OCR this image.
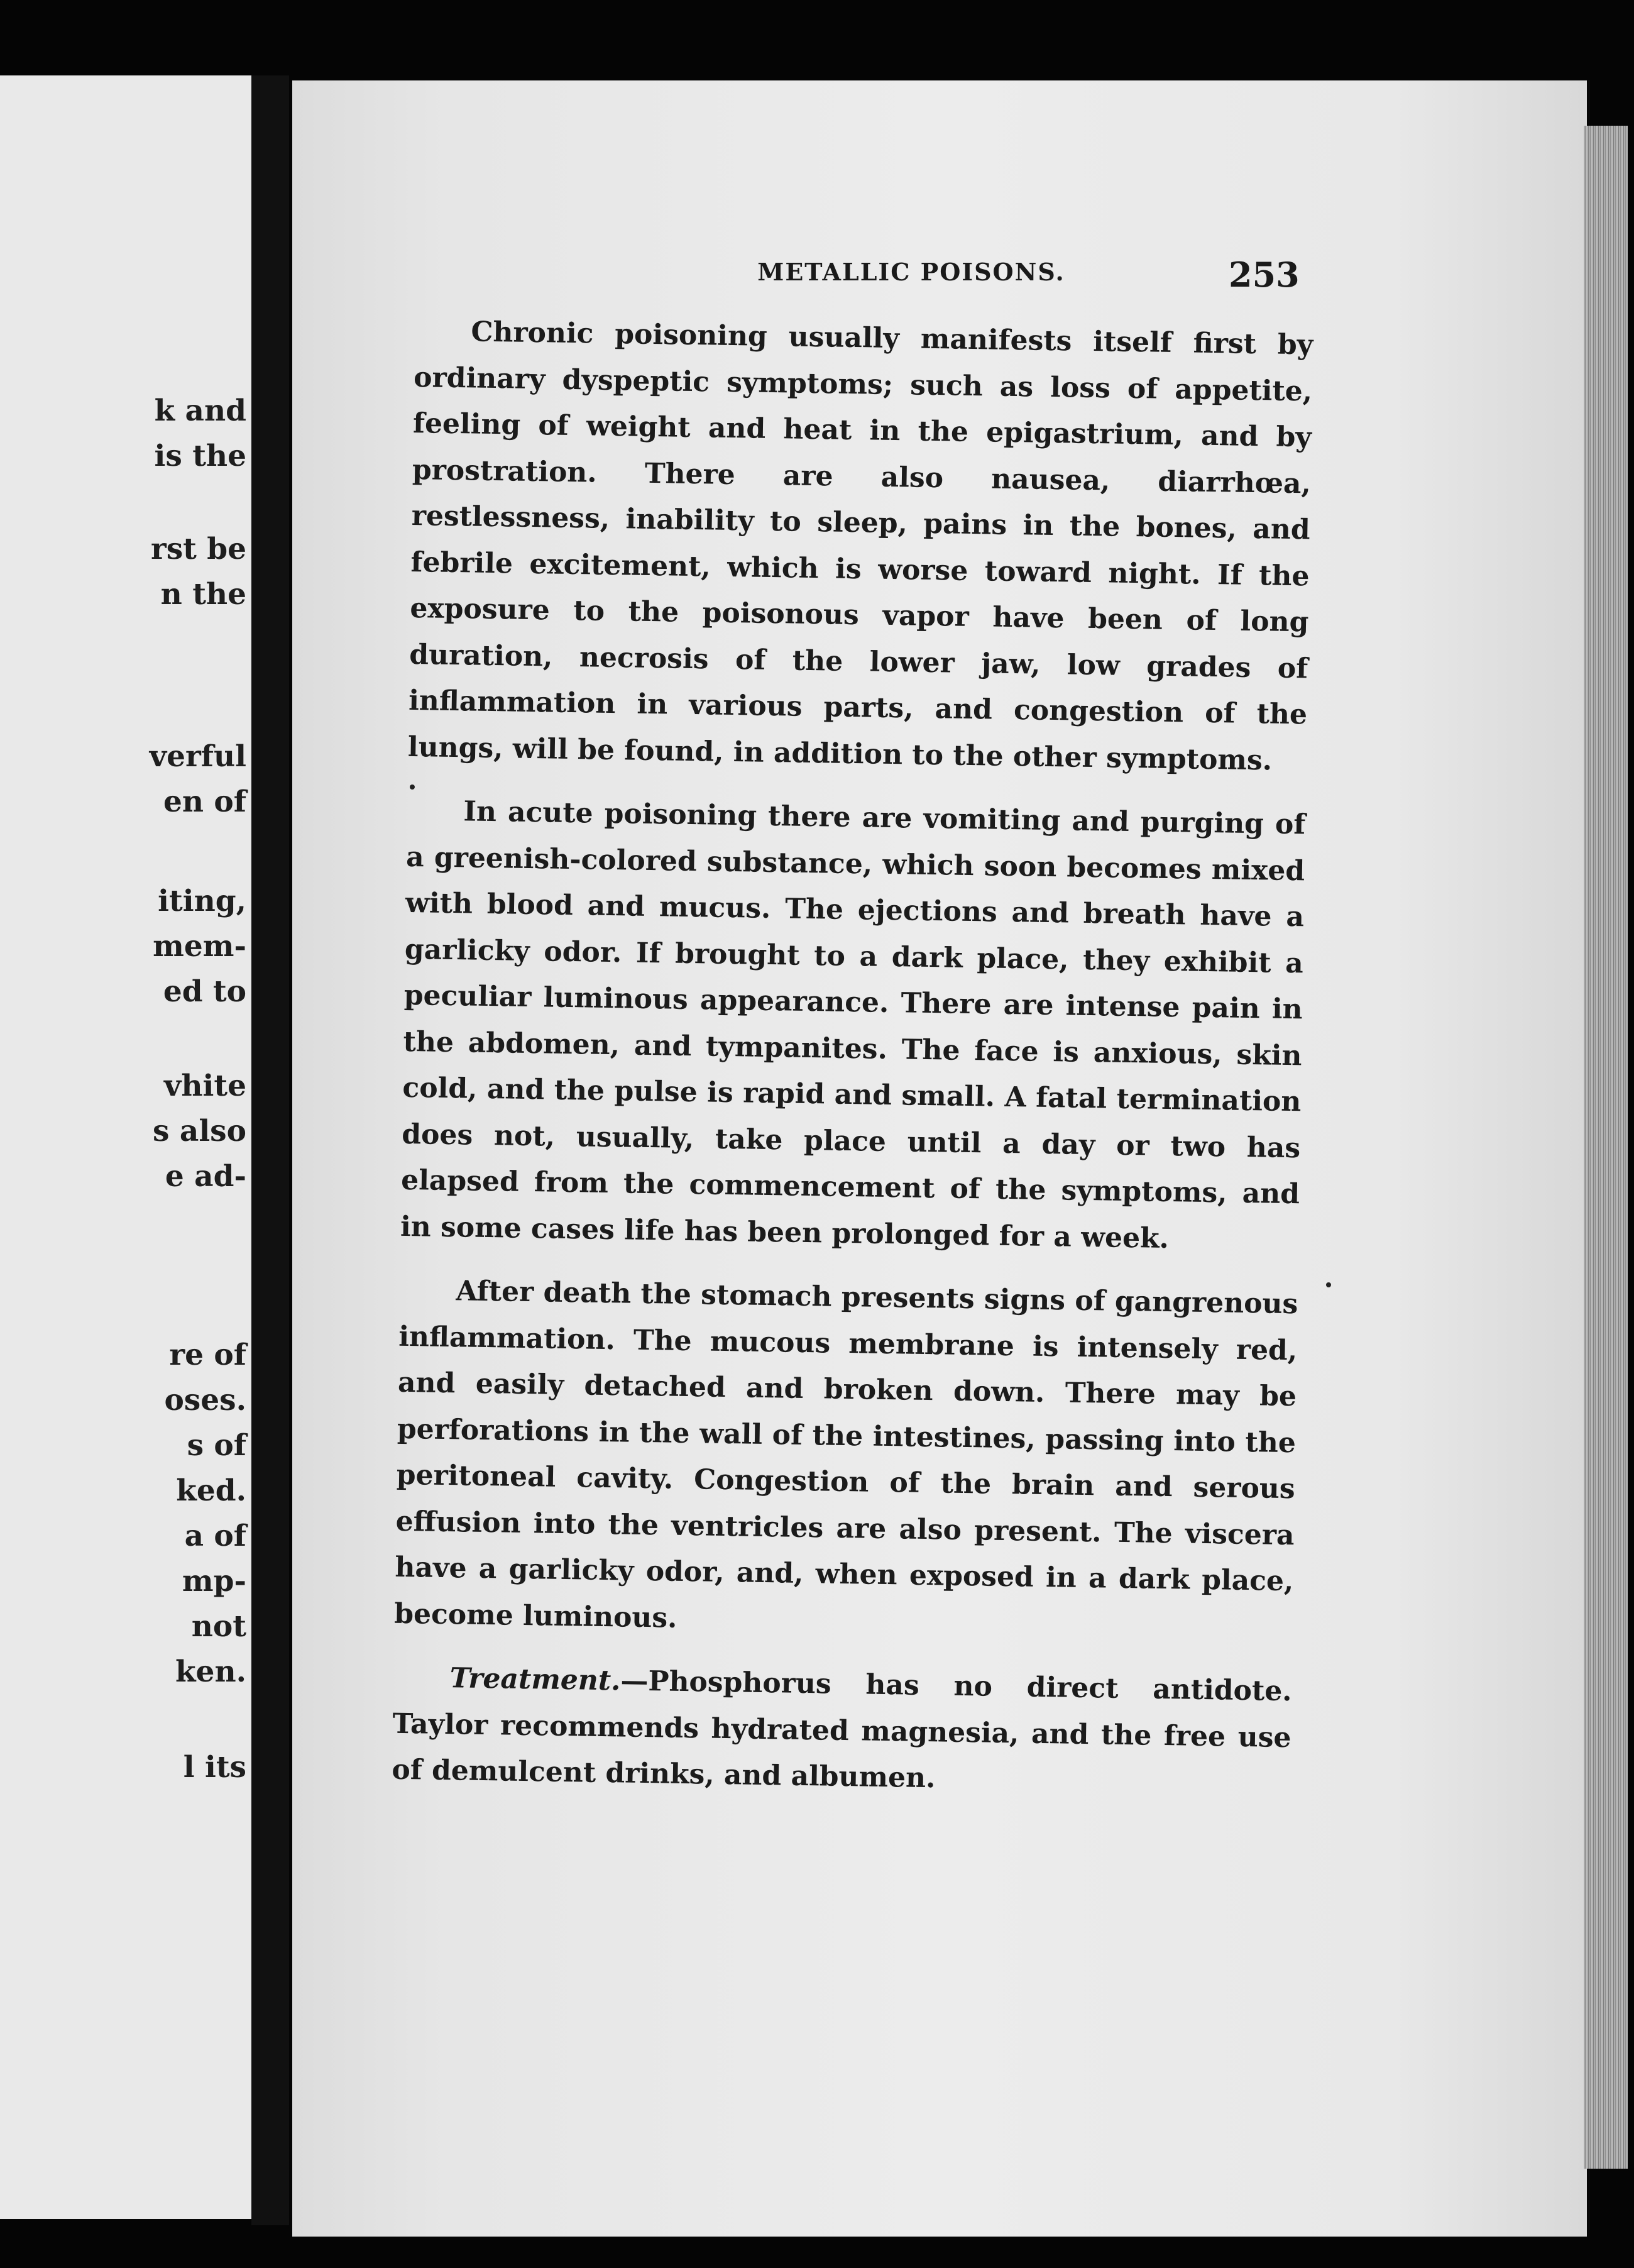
k and
is the
rst be
n the
verful
en of
iting,
mem-
ed to
vhite
s also
e ad-
re of
oses.
s of
ked.
a of
mp-
not
ken.
l its
METALLIC POISONS.	253

Chronic poisoning usually manifests itself first by ordinary dyspeptic symptoms; such as loss of appetite, feeling of weight and heat in the epigastrium, and by prostration. There are also nausea, diarrhœa, restlessness, inability to sleep, pains in the bones, and febrile excitement, which is worse toward night. If the exposure to the poisonous vapor have been of long duration, necrosis of the lower jaw, low grades of inflammation in various parts, and congestion of the lungs, will be found, in addition to the other symptoms.

In acute poisoning there are vomiting and purging of a greenish-colored substance, which soon becomes mixed with blood and mucus. The ejections and breath have a garlicky odor. If brought to a dark place, they exhibit a peculiar luminous appearance. There are intense pain in the abdomen, and tympanites. The face is anxious, skin cold, and the pulse is rapid and small. A fatal termination does not, usually, take place until a day or two has elapsed from the commencement of the symptoms, and in some cases life has been prolonged for a week.

After death the stomach presents signs of gangrenous inflammation. The mucous membrane is intensely red, and easily detached and broken down. There may be perforations in the wall of the intestines, passing into the peritoneal cavity. Congestion of the brain and serous effusion into the ventricles are also present. The viscera have a garlicky odor, and, when exposed in a dark place, become luminous.

Treatment.—Phosphorus has no direct antidote. Taylor recommends hydrated magnesia, and the free use of demulcent drinks, and albumen.
